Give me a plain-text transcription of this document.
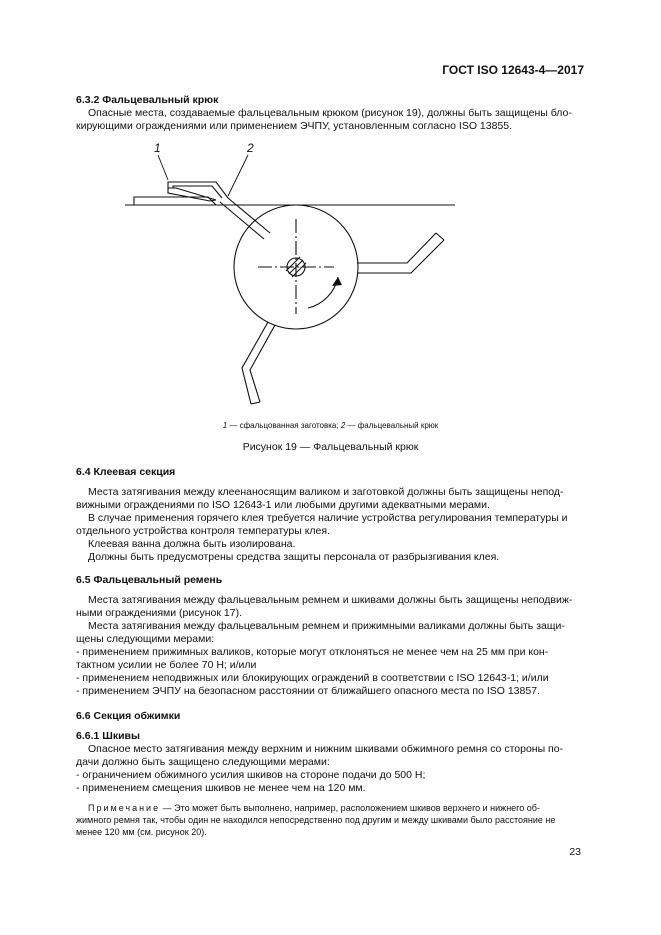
ГОСТ ISO 12643-4—2017
6.3.2 Фальцевальный крюк
Опасные места, создаваемые фальцевальным крюком (рисунок 19), должны быть защищены бло-
кирующими ограждениями или применением ЭЧПУ, установленным согласно ISO 13855.
1	2
1 — сфальцованная заготовка; 2 — фальцевальный крюк
Рисунок 19 — Фальцевальный крюк
6.4 Клеевая секция
Места затягивания между клеенаносящим валиком и заготовкой должны быть защищены непод-
вижными ограждениями по ISO 12643-1 или любыми другими адекватными мерами.
В случае применения горячего клея требуется наличие устройства регулирования температуры и
отдельного устройства контроля температуры клея.
Клеевая ванна должна быть изолирована.
Должны быть предусмотрены средства защиты персонала от разбрызгивания клея.
6.5 Фальцевальный ремень
Места затягивания между фальцевальным ремнем и шкивами должны быть защищены неподвиж-
ными ограждениями (рисунок 17).
Места затягивания между фальцевальным ремнем и прижимными валиками должны быть защи-
щены следующими мерами:
- применением прижимных валиков, которые могут отклоняться не менее чем на 25 мм при кон-
тактном усилии не более 70 Н; и/или
- применением неподвижных или блокирующих ограждений в соответствии с ISO 12643-1; и/или
- применением ЭЧПУ на безопасном расстоянии от ближайшего опасного места по ISO 13857.
6.6 Секция обжимки
6.6.1 Шкивы
Опасное место затягивания между верхним и нижним шкивами обжимного ремня со стороны по-
дачи должно быть защищено следующими мерами:
- ограничением обжимного усилия шкивов на стороне подачи до 500 Н;
- применением смещения шкивов не менее чем на 120 мм.
Примечание — Это может быть выполнено, например, расположением шкивов верхнего и нижнего об-
жимного ремня так, чтобы один не находился непосредственно под другим и между шкивами было расстояние не
менее 120 мм (см. рисунок 20).
23
